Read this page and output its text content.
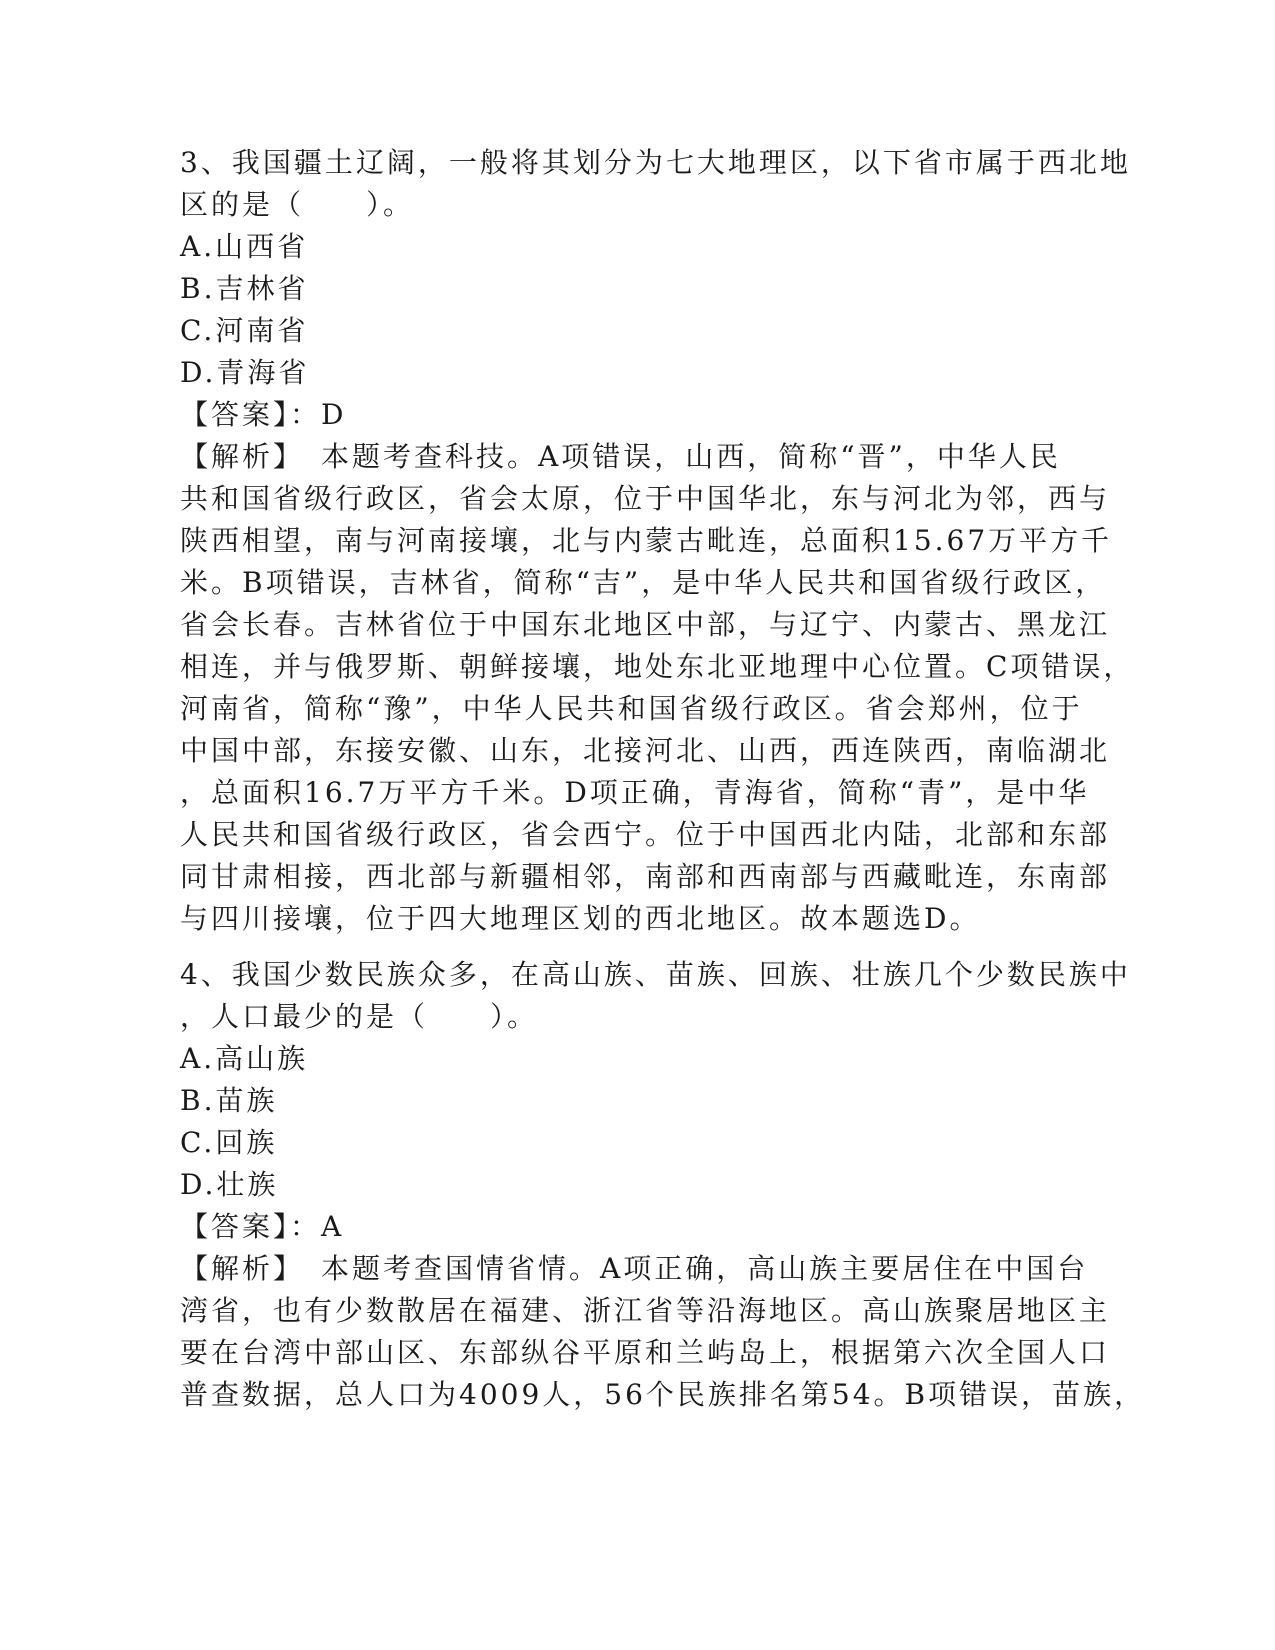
3、我国疆土辽阔，一般将其划分为七大地理区，以下省市属于西北地
区的是（　　）。
A.山西省
B.吉林省
C.河南省
D.青海省
【答案】：D
【解析】　本题考查科技。A项错误，山西，简称“晋”，中华人民
共和国省级行政区，省会太原，位于中国华北，东与河北为邻，西与
陕西相望，南与河南接壤，北与内蒙古毗连，总面积15.67万平方千
米。B项错误，吉林省，简称“吉”，是中华人民共和国省级行政区，
省会长春。吉林省位于中国东北地区中部，与辽宁、内蒙古、黑龙江
相连，并与俄罗斯、朝鲜接壤，地处东北亚地理中心位置。C项错误，
河南省，简称“豫”，中华人民共和国省级行政区。省会郑州，位于
中国中部，东接安徽、山东，北接河北、山西，西连陕西，南临湖北
，总面积16.7万平方千米。D项正确，青海省，简称“青”，是中华
人民共和国省级行政区，省会西宁。位于中国西北内陆，北部和东部
同甘肃相接，西北部与新疆相邻，南部和西南部与西藏毗连，东南部
与四川接壤，位于四大地理区划的西北地区。故本题选D。
4、我国少数民族众多，在高山族、苗族、回族、壮族几个少数民族中
，人口最少的是（　　）。
A.高山族
B.苗族
C.回族
D.壮族
【答案】：A
【解析】　本题考查国情省情。A项正确，高山族主要居住在中国台
湾省，也有少数散居在福建、浙江省等沿海地区。高山族聚居地区主
要在台湾中部山区、东部纵谷平原和兰屿岛上，根据第六次全国人口
普查数据，总人口为4009人，56个民族排名第54。B项错误，苗族，
